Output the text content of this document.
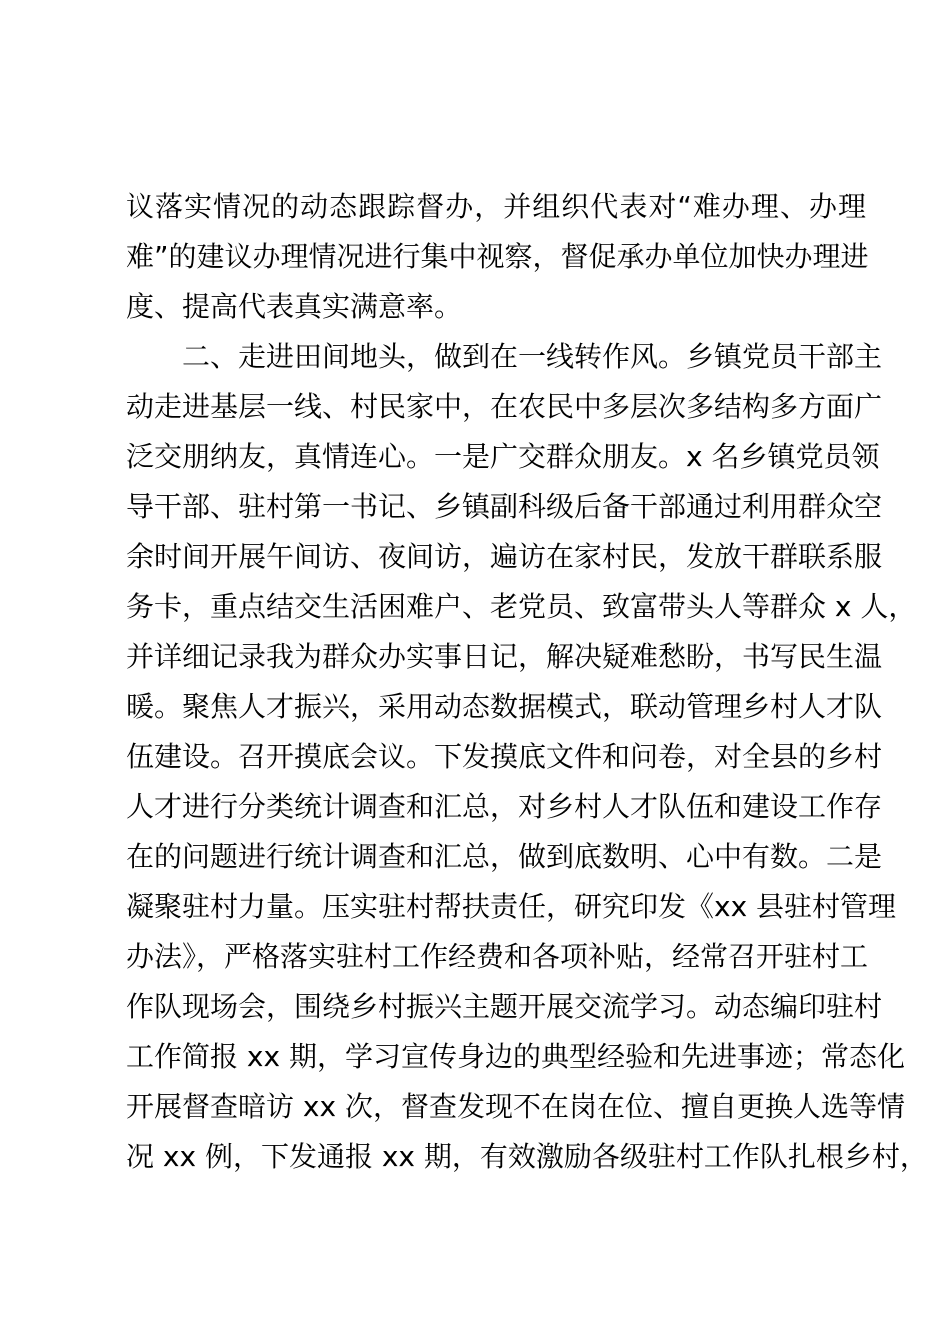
议落实情况的动态跟踪督办，并组织代表对“难办理、办理
难”的建议办理情况进行集中视察，督促承办单位加快办理进
度、提高代表真实满意率。
二、走进田间地头，做到在一线转作风。乡镇党员干部主
动走进基层一线、村民家中，在农民中多层次多结构多方面广
泛交朋纳友，真情连心。一是广交群众朋友。x 名乡镇党员领
导干部、驻村第一书记、乡镇副科级后备干部通过利用群众空
余时间开展午间访、夜间访，遍访在家村民，发放干群联系服
务卡，重点结交生活困难户、老党员、致富带头人等群众 x 人，
并详细记录我为群众办实事日记，解决疑难愁盼，书写民生温
暖。聚焦人才振兴，采用动态数据模式，联动管理乡村人才队
伍建设。召开摸底会议。下发摸底文件和问卷，对全县的乡村
人才进行分类统计调查和汇总，对乡村人才队伍和建设工作存
在的问题进行统计调查和汇总，做到底数明、心中有数。二是
凝聚驻村力量。压实驻村帮扶责任，研究印发《xx 县驻村管理
办法》，严格落实驻村工作经费和各项补贴，经常召开驻村工
作队现场会，围绕乡村振兴主题开展交流学习。动态编印驻村
工作简报 xx 期，学习宣传身边的典型经验和先进事迹；常态化
开展督查暗访 xx 次，督查发现不在岗在位、擅自更换人选等情
况 xx 例，下发通报 xx 期，有效激励各级驻村工作队扎根乡村，
